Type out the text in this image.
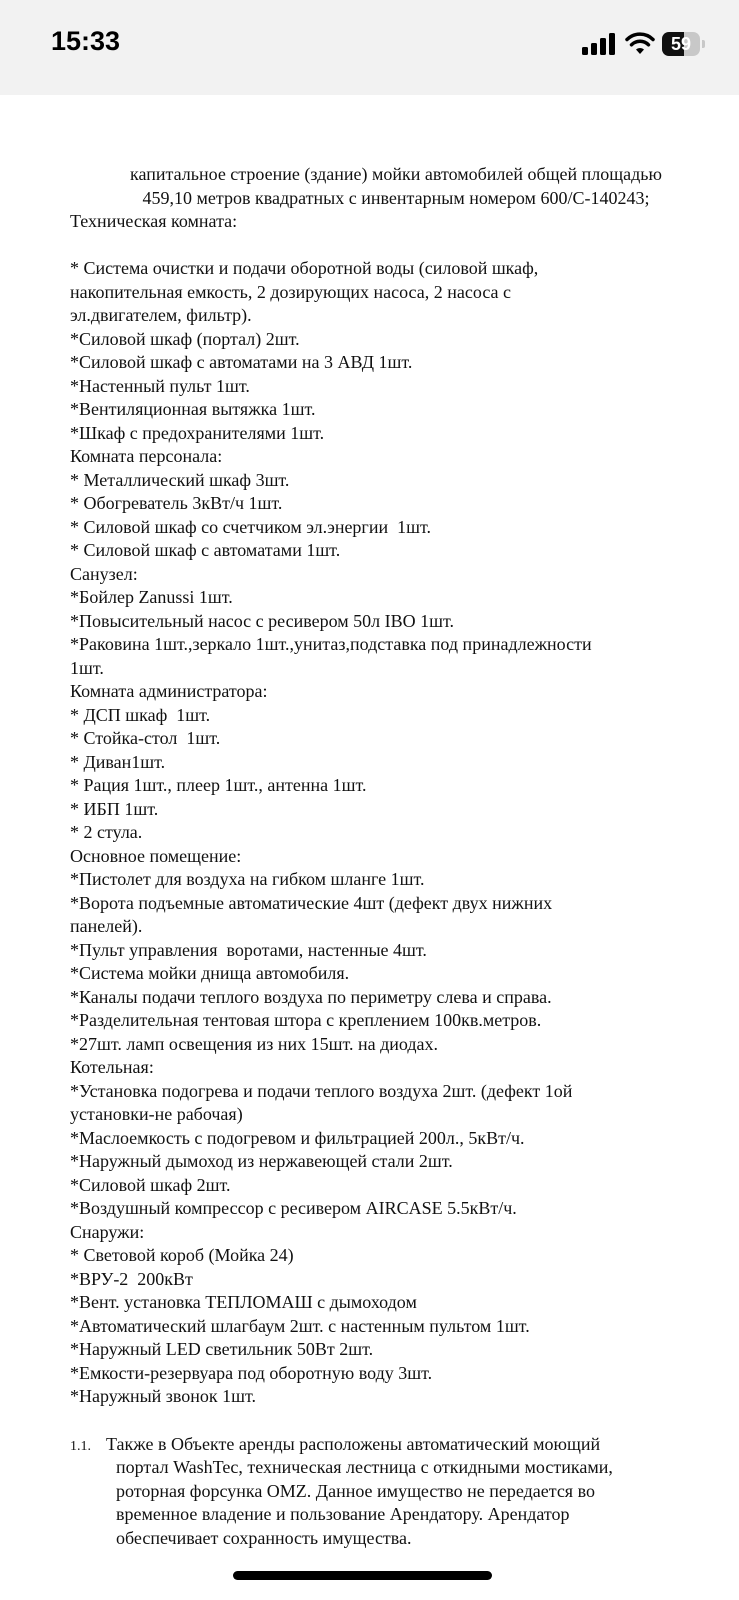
15:33	59

капитальное строение (здание) мойки автомобилей общей площадью

459,10 метров квадратных с инвентарным номером 600/С-140243;

Техническая комната:

* Система очистки и подачи оборотной воды (силовой шкаф,

накопительная емкость, 2 дозирующих насоса, 2 насоса с

эл.двигателем, фильтр).

*Силовой шкаф (портал) 2шт.

*Силовой шкаф с автоматами на 3 АВД 1шт.

*Настенный пульт 1шт.

*Вентиляционная вытяжка 1шт.

*Шкаф с предохранителями 1шт.

Комната персонала:

* Металлический шкаф 3шт.

* Обогреватель 3кВт/ч 1шт.

* Силовой шкаф со счетчиком эл.энергии  1шт.

* Силовой шкаф с автоматами 1шт.

Санузел:

*Бойлер Zanussi 1шт.

*Повысительный насос с ресивером 50л IBO 1шт.

*Раковина 1шт.,зеркало 1шт.,унитаз,подставка под принадлежности

1шт.

Комната администратора:

* ДСП шкаф  1шт.

* Стойка-стол  1шт.

* Диван1шт.

* Рация 1шт., плеер 1шт., антенна 1шт.

* ИБП 1шт.

* 2 стула.

Основное помещение:

*Пистолет для воздуха на гибком шланге 1шт.

*Ворота подъемные автоматические 4шт (дефект двух нижних

панелей).

*Пульт управления  воротами, настенные 4шт.

*Система мойки днища автомобиля.

*Каналы подачи теплого воздуха по периметру слева и справа.

*Разделительная тентовая штора с креплением 100кв.метров.

*27шт. ламп освещения из них 15шт. на диодах.

Котельная:

*Установка подогрева и подачи теплого воздуха 2шт. (дефект 1ой

установки-не рабочая)

*Маслоемкость с подогревом и фильтрацией 200л., 5кВт/ч.

*Наружный дымоход из нержавеющей стали 2шт.

*Силовой шкаф 2шт.

*Воздушный компрессор с ресивером AIRCASE 5.5кВт/ч.

Снаружи:

* Световой короб (Мойка 24)

*ВРУ-2  200кВт

*Вент. установка ТЕПЛОМАШ с дымоходом

*Автоматический шлагбаум 2шт. с настенным пультом 1шт.

*Наружный LED светильник 50Вт 2шт.

*Емкости-резервуара под оборотную воду 3шт.

*Наружный звонок 1шт.

1.1. Также в Объекте аренды расположены автоматический моющий

портал WashTec, техническая лестница с откидными мостиками,

роторная форсунка OMZ. Данное имущество не передается во

временное владение и пользование Арендатору. Арендатор

обеспечивает сохранность имущества.
